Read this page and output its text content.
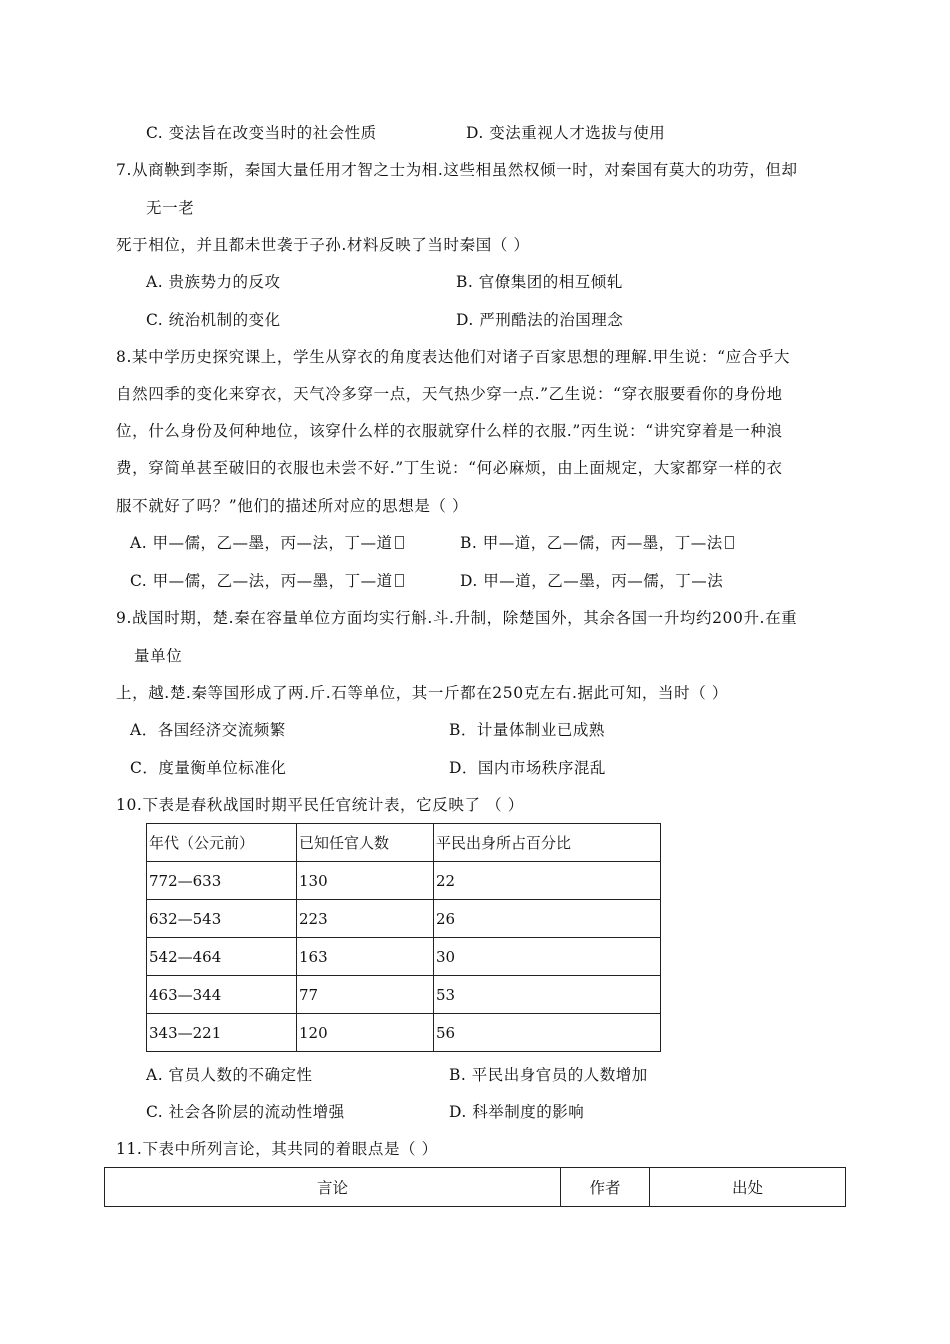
C. 变法旨在改变当时的社会性质	D. 变法重视人才选拔与使用
7.从商鞅到李斯，秦国大量任用才智之士为相.这些相虽然权倾一时，对秦国有莫大的功劳，但却
无一老
死于相位，并且都未世袭于子孙.材料反映了当时秦国（ ）
A. 贵族势力的反攻	B. 官僚集团的相互倾轧
C. 统治机制的变化	D. 严刑酷法的治国理念
8.某中学历史探究课上，学生从穿衣的角度表达他们对诸子百家思想的理解.甲生说：“应合乎大
自然四季的变化来穿衣，天气冷多穿一点，天气热少穿一点.”乙生说：“穿衣服要看你的身份地
位，什么身份及何种地位，该穿什么样的衣服就穿什么样的衣服.”丙生说：“讲究穿着是一种浪
费，穿简单甚至破旧的衣服也未尝不好.”丁生说：“何必麻烦，由上面规定，大家都穿一样的衣
服不就好了吗？”他们的描述所对应的思想是（ ）
A. 甲—儒，乙—墨，丙—法，丁—道	B. 甲—道，乙—儒，丙—墨，丁—法
C. 甲—儒，乙—法，丙—墨，丁—道	D. 甲—道，乙—墨，丙—儒，丁—法
9.战国时期，楚.秦在容量单位方面均实行斛.斗.升制，除楚国外，其余各国一升均约200升.在重
量单位
上，越.楚.秦等国形成了两.斤.石等单位，其一斤都在250克左右.据此可知，当时（ ）
A．各国经济交流频繁	B．计量体制业已成熟
C．度量衡单位标准化	D．国内市场秩序混乱
10.下表是春秋战国时期平民任官统计表，它反映了 （ ）
年代（公元前）	已知任官人数	平民出身所占百分比
772—633	130	22
632—543	223	26
542—464	163	30
463—344	77	53
343—221	120	56
A. 官员人数的不确定性	B. 平民出身官员的人数增加
C. 社会各阶层的流动性增强	D. 科举制度的影响
11.下表中所列言论，其共同的着眼点是（ ）
言论	作者	出处
